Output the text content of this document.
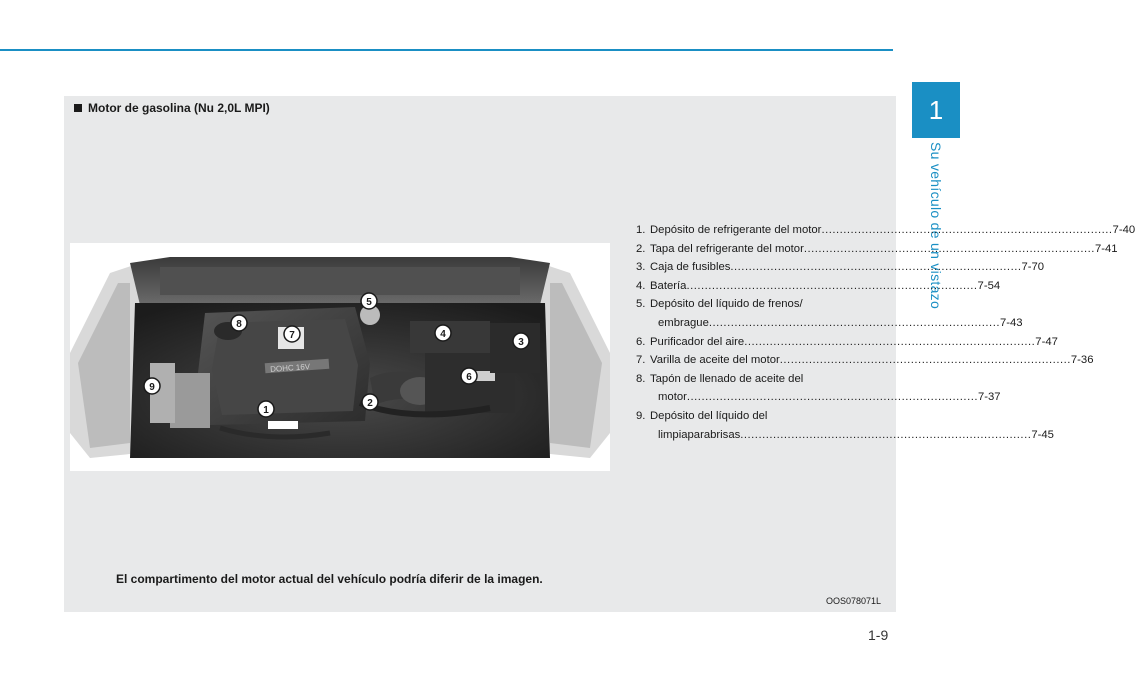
1
Su vehículo de un vistazo
Motor de gasolina (Nu 2,0L MPI)
DOHC 16V
1
2
3
4
5
6
7
8
9
1. Depósito de refrigerante del motor ................................................................................ 7-40
2. Tapa del refrigerante del motor ................................................................................ 7-41
3. Caja de fusibles ................................................................................ 7-70
4. Batería ................................................................................ 7-54
5. Depósito del líquido de frenos/
embrague ................................................................................ 7-43
6. Purificador del aire ................................................................................ 7-47
7. Varilla de aceite del motor ................................................................................ 7-36
8. Tapón de llenado de aceite del
motor ................................................................................ 7-37
9. Depósito del líquido del
limpiaparabrisas ................................................................................ 7-45
El compartimento del motor actual del vehículo podría diferir de la imagen.
OOS078071L
1-9
